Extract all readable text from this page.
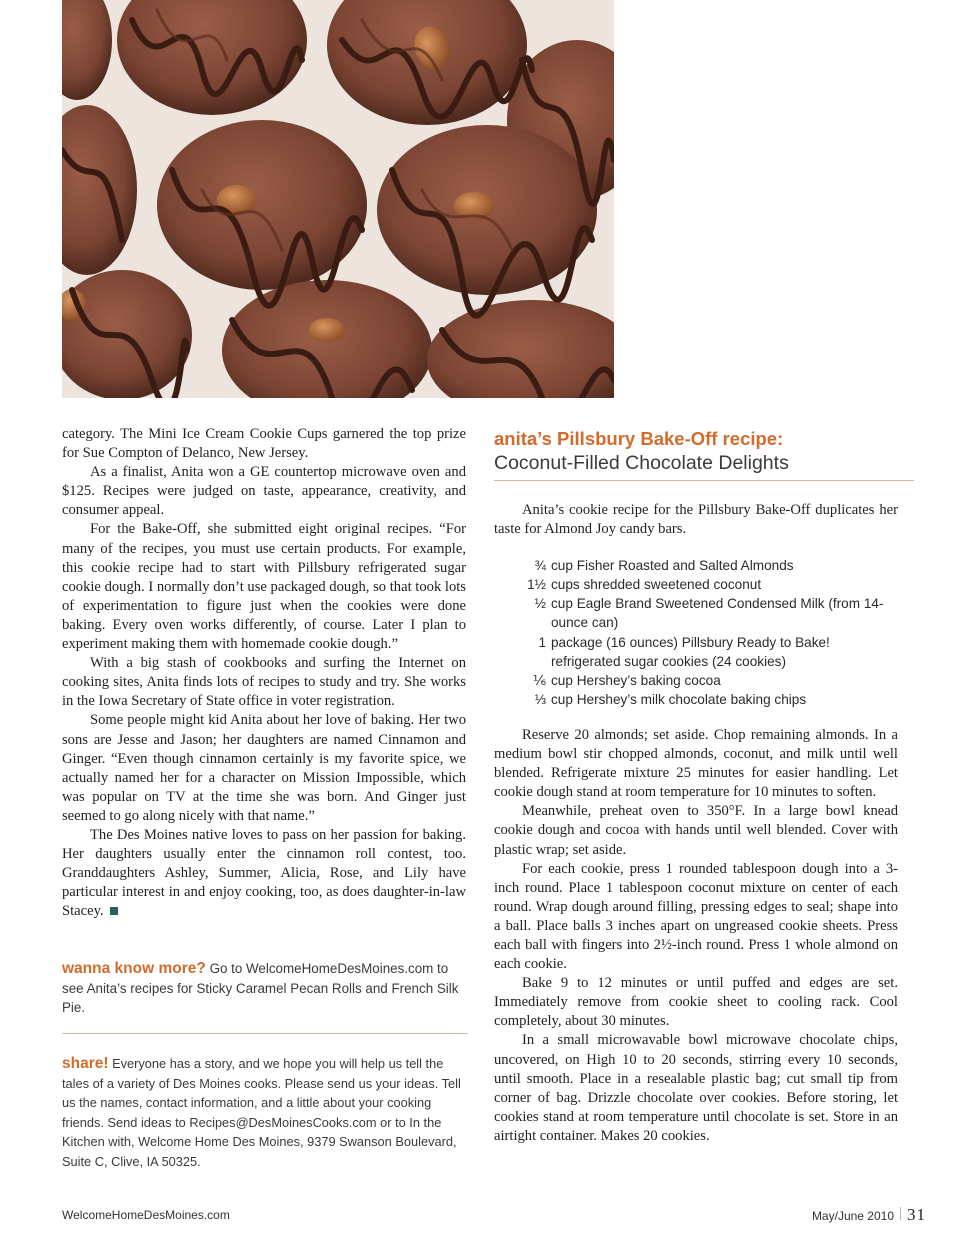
category. The Mini Ice Cream Cookie Cups garnered the top prize for Sue Compton of Delanco, New Jersey.

As a finalist, Anita won a GE countertop microwave oven and $125. Recipes were judged on taste, appearance, creativity, and consumer appeal.

For the Bake-Off, she submitted eight original recipes. “For many of the recipes, you must use certain products. For example, this cookie recipe had to start with Pillsbury refrigerated sugar cookie dough. I normally don’t use packaged dough, so that took lots of experimentation to figure just when the cookies were done baking. Every oven works differently, of course. Later I plan to experiment making them with homemade cookie dough.”

With a big stash of cookbooks and surfing the Internet on cooking sites, Anita finds lots of recipes to study and try. She works in the Iowa Secretary of State office in voter registration.

Some people might kid Anita about her love of baking. Her two sons are Jesse and Jason; her daughters are named Cinnamon and Ginger. “Even though cinnamon certainly is my favorite spice, we actually named her for a character on Mission Impossible, which was popular on TV at the time she was born. And Ginger just seemed to go along nicely with that name.”

The Des Moines native loves to pass on her passion for baking. Her daughters usually enter the cinnamon roll contest, too. Granddaughters Ashley, Summer, Alicia, Rose, and Lily have particular interest in and enjoy cooking, too, as does daughter-in-law Stacey.

wanna know more? Go to WelcomeHomeDesMoines.com to see Anita’s recipes for Sticky Caramel Pecan Rolls and French Silk Pie.
share! Everyone has a story, and we hope you will help us tell the tales of a variety of Des Moines cooks. Please send us your ideas. Tell us the names, contact information, and a little about your cooking friends. Send ideas to Recipes@DesMoinesCooks.com or to In the Kitchen with, Welcome Home Des Moines, 9379 Swanson Boulevard, Suite C, Clive, IA 50325.
anita’s Pillsbury Bake-Off recipe:
Coconut-Filled Chocolate Delights

Anita’s cookie recipe for the Pillsbury Bake-Off duplicates her taste for Almond Joy candy bars.

¾ cup Fisher Roasted and Salted Almonds
1½ cups shredded sweetened coconut
½ cup Eagle Brand Sweetened Condensed Milk (from 14-ounce can)
1 package (16 ounces) Pillsbury Ready to Bake! refrigerated sugar cookies (24 cookies)
⅙ cup Hershey’s baking cocoa
⅓ cup Hershey’s milk chocolate baking chips

Reserve 20 almonds; set aside. Chop remaining almonds. In a medium bowl stir chopped almonds, coconut, and milk until well blended. Refrigerate mixture 25 minutes for easier handling. Let cookie dough stand at room temperature for 10 minutes to soften.

Meanwhile, preheat oven to 350°F. In a large bowl knead cookie dough and cocoa with hands until well blended. Cover with plastic wrap; set aside.

For each cookie, press 1 rounded tablespoon dough into a 3-inch round. Place 1 tablespoon coconut mixture on center of each round. Wrap dough around filling, pressing edges to seal; shape into a ball. Place balls 3 inches apart on ungreased cookie sheets. Press each ball with fingers into 2½-inch round. Press 1 whole almond on each cookie.

Bake 9 to 12 minutes or until puffed and edges are set. Immediately remove from cookie sheet to cooling rack. Cool completely, about 30 minutes.

In a small microwavable bowl microwave chocolate chips, uncovered, on High 10 to 20 seconds, stirring every 10 seconds, until smooth. Place in a resealable plastic bag; cut small tip from corner of bag. Drizzle chocolate over cookies. Before storing, let cookies stand at room temperature until chocolate is set. Store in an airtight container. Makes 20 cookies.

WelcomeHomeDesMoines.com	May/June 2010 31
